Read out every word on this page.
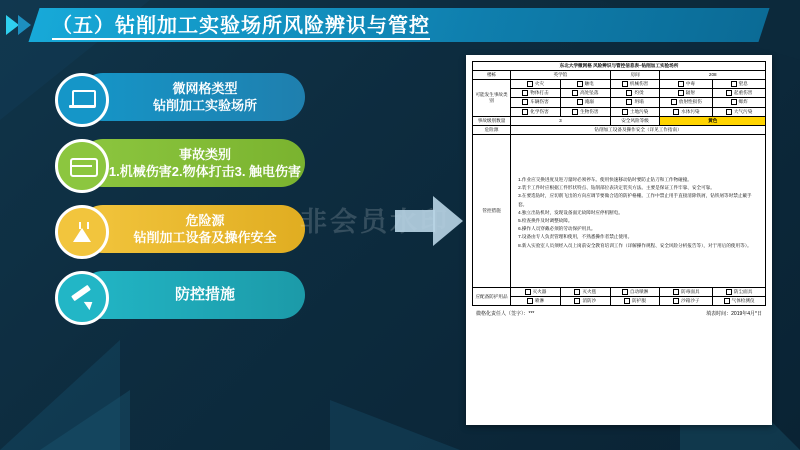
（五）钻削加工实验场所风险辨识与管控
微网格类型
钻削加工实验场所
事故类别
1.机械伤害2.物体打击3. 触电伤害
危险源
钻削加工设备及操作安全
防控措施
东北大学微网格 风险辨识与管控信息表–钻削加工实验场所					
楼栋	英学馆		房间	208	
可能发生事故类别	火灾	触电	机械伤害	中毒	窒息
	物体打击	高处坠落	灼烫	辐射	起重伤害
	车辆伤害	淹溺	坍塌	放射性损伤	爆炸
	化学伤害	生物伤害	土地污染	水体污染	大气污染
事故级别数量	3		安全风险等级	黄色	
危险源	钻削加工设备及操作安全（详见工作指南）				
管控措施	
1.作业应交换进度及进刀量时必须停车。使用快速移动钻时要防止钻刀和工作物碰撞。
2.装卡工件时应根据工件形状特点、钻削部位表决定装夹方法。主要是保证工件牢靠、安全可靠。
3.在要选钻时，应切削飞出的方向应调节要做合适的防护格栅。工作中禁止用手直接清除铁屑，钻铁屑等时禁止戴手套。
4.独立出钻机时，发现设备面无故障时应停机断电。
5.检查换件及时调整故障。
6.操作人员穿戴必须的劳动保护用具。
7.设备由专人负责管理和使用，不熟悉操作者禁止使用。
8.新入实验室人员须经入员上岗前安全教育培训工作（详解操作规程、安全风险分析报告等），对于用后的使用等）。

应配备防护用品	灭火器	灭火毯	自动喷淋	防毒面具	防尘面具
	喷淋	消防沙	防护服	沙箱沙子	气体检测仪
微格化责任人（签字）：***	填表时间：2019年4月*日
